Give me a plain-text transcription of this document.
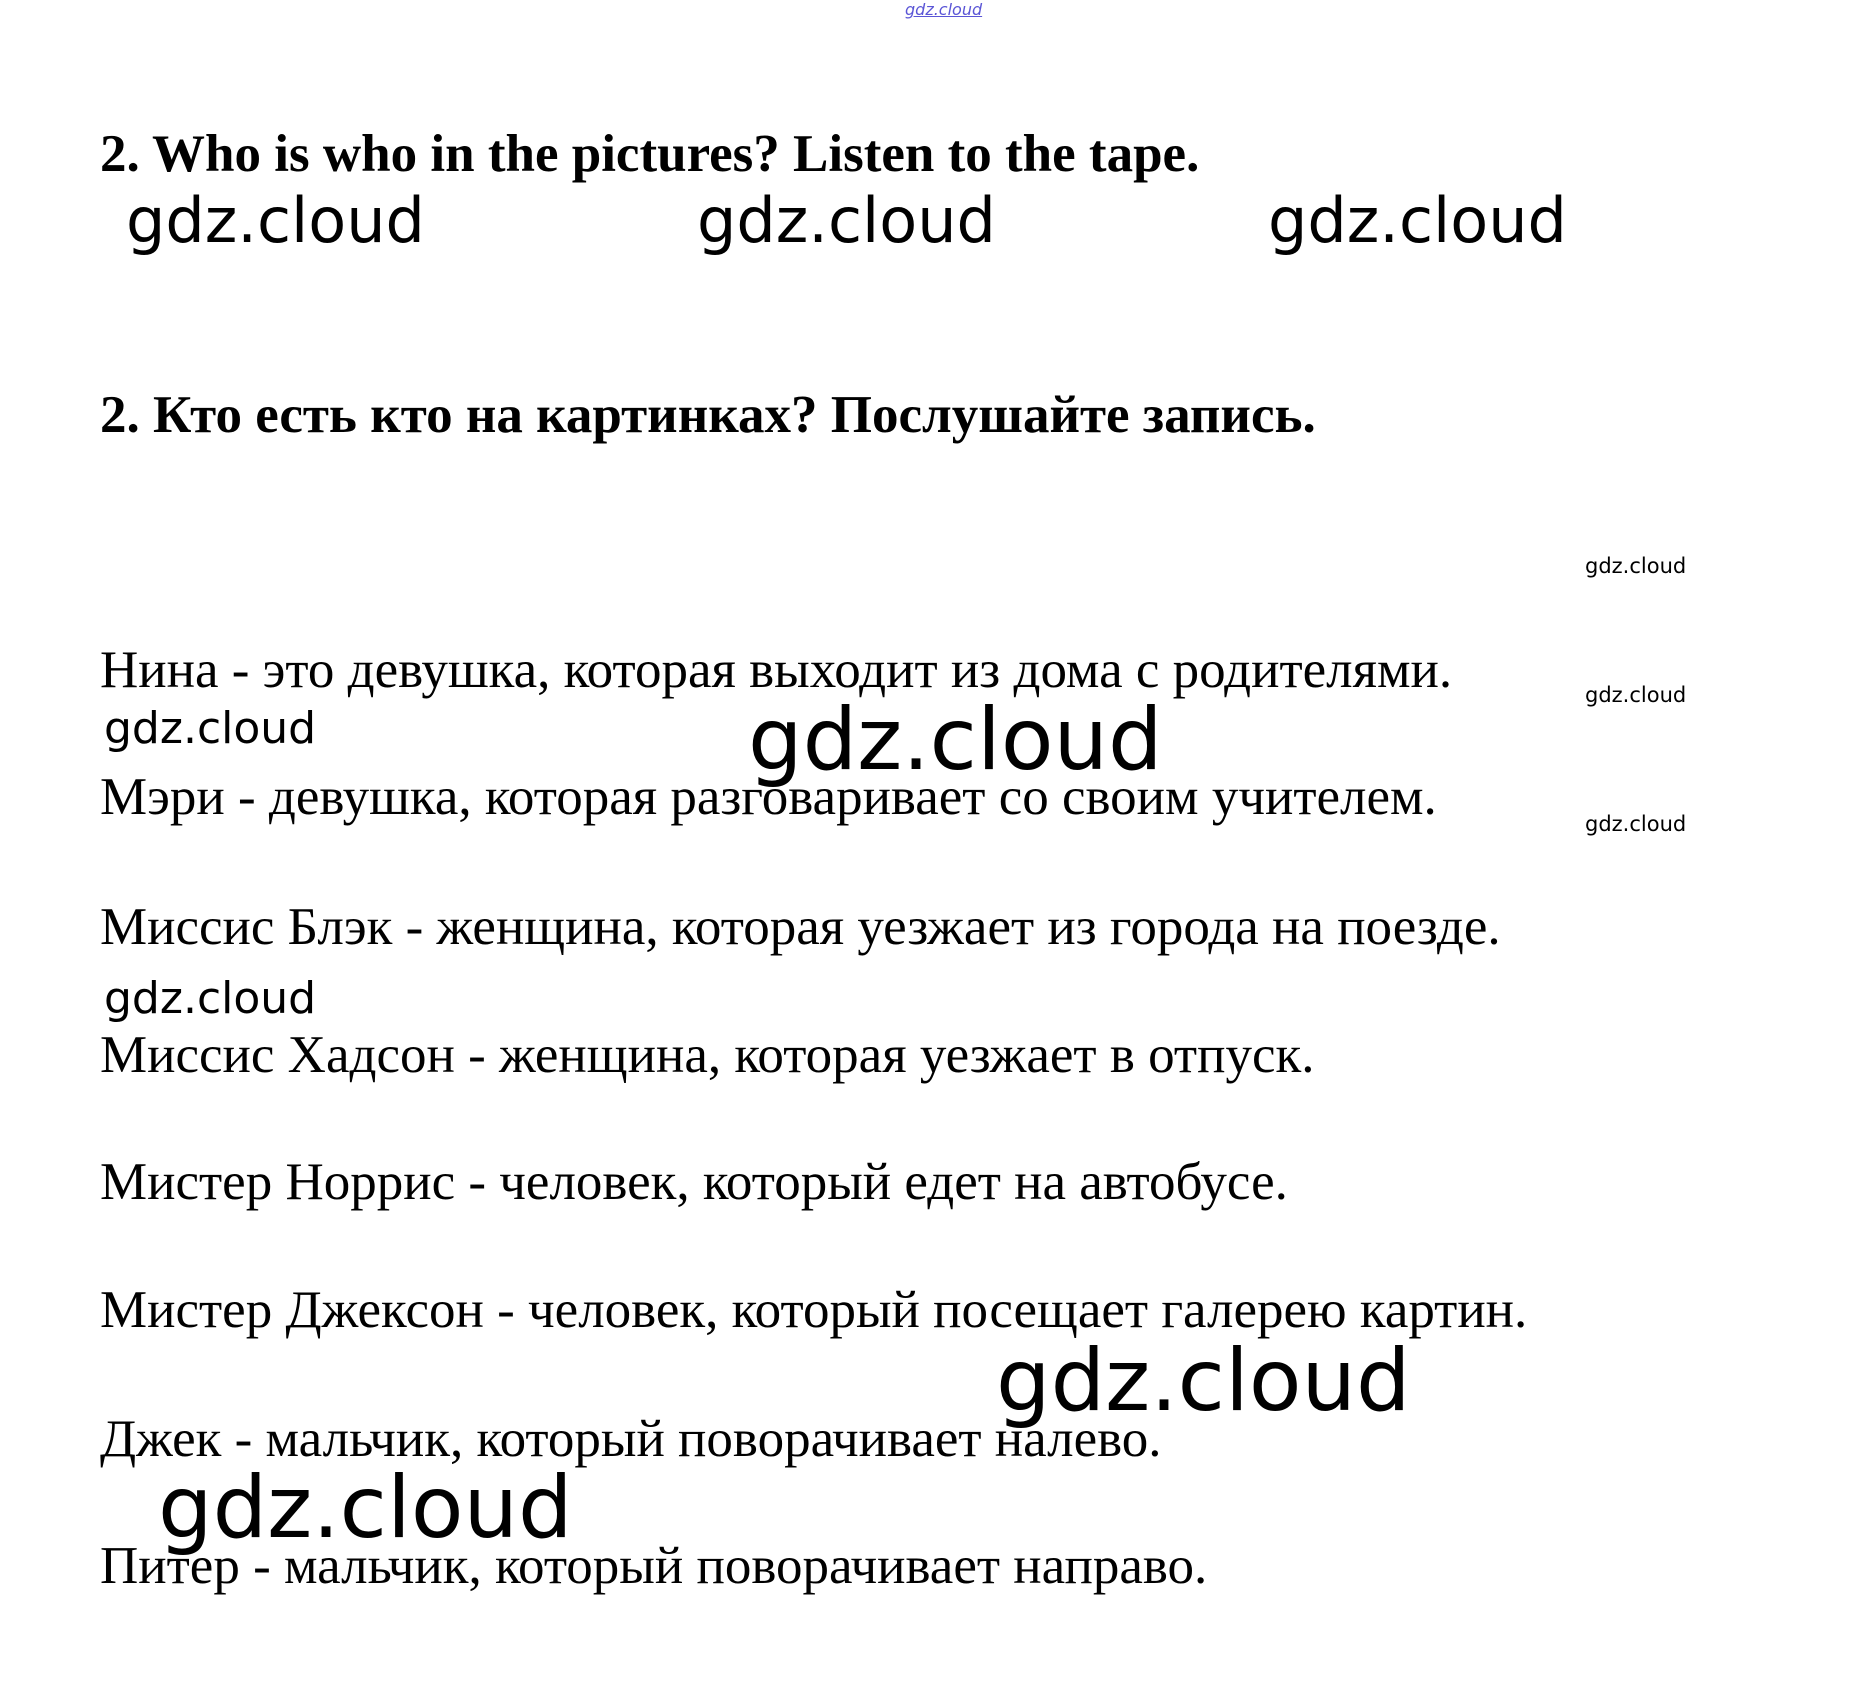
gdz.cloud
2. Who is who in the pictures? Listen to the tape.
gdz.cloud	gdz.cloud	gdz.cloud
2. Кто есть кто на картинках? Послушайте запись.
gdz.cloud
gdz.cloud
gdz.cloud
Нина - это девушка, которая выходит из дома с родителями.
gdz.cloud	gdz.cloud
Мэри - девушка, которая разговаривает со своим учителем.
Миссис Блэк - женщина, которая уезжает из города на поезде.
gdz.cloud
Миссис Хадсон - женщина, которая уезжает в отпуск.
Мистер Норрис - человек, который едет на автобусе.
Мистер Джексон - человек, который посещает галерею картин.
gdz.cloud
Джек - мальчик, который поворачивает налево.
gdz.cloud
Питер - мальчик, который поворачивает направо.
